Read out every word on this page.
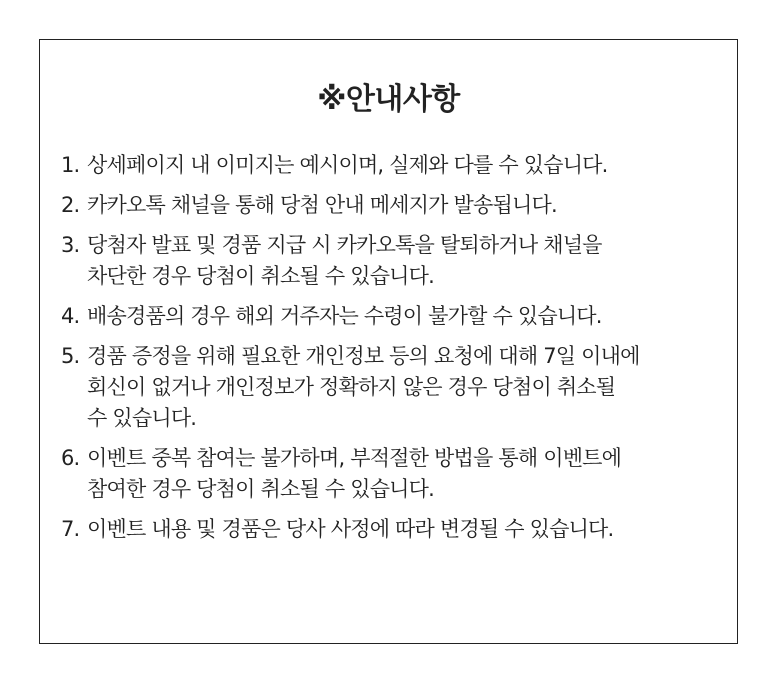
※안내사항
1. 상세페이지 내 이미지는 예시이며, 실제와 다를 수 있습니다.
2. 카카오톡 채널을 통해 당첨 안내 메세지가 발송됩니다.
3. 당첨자 발표 및 경품 지급 시 카카오톡을 탈퇴하거나 채널을
차단한 경우 당첨이 취소될 수 있습니다.
4. 배송경품의 경우 해외 거주자는 수령이 불가할 수 있습니다.
5. 경품 증정을 위해 필요한 개인정보 등의 요청에 대해 7일 이내에
회신이 없거나 개인정보가 정확하지 않은 경우 당첨이 취소될
수 있습니다.
6. 이벤트 중복 참여는 불가하며, 부적절한 방법을 통해 이벤트에
참여한 경우 당첨이 취소될 수 있습니다.
7. 이벤트 내용 및 경품은 당사 사정에 따라 변경될 수 있습니다.
